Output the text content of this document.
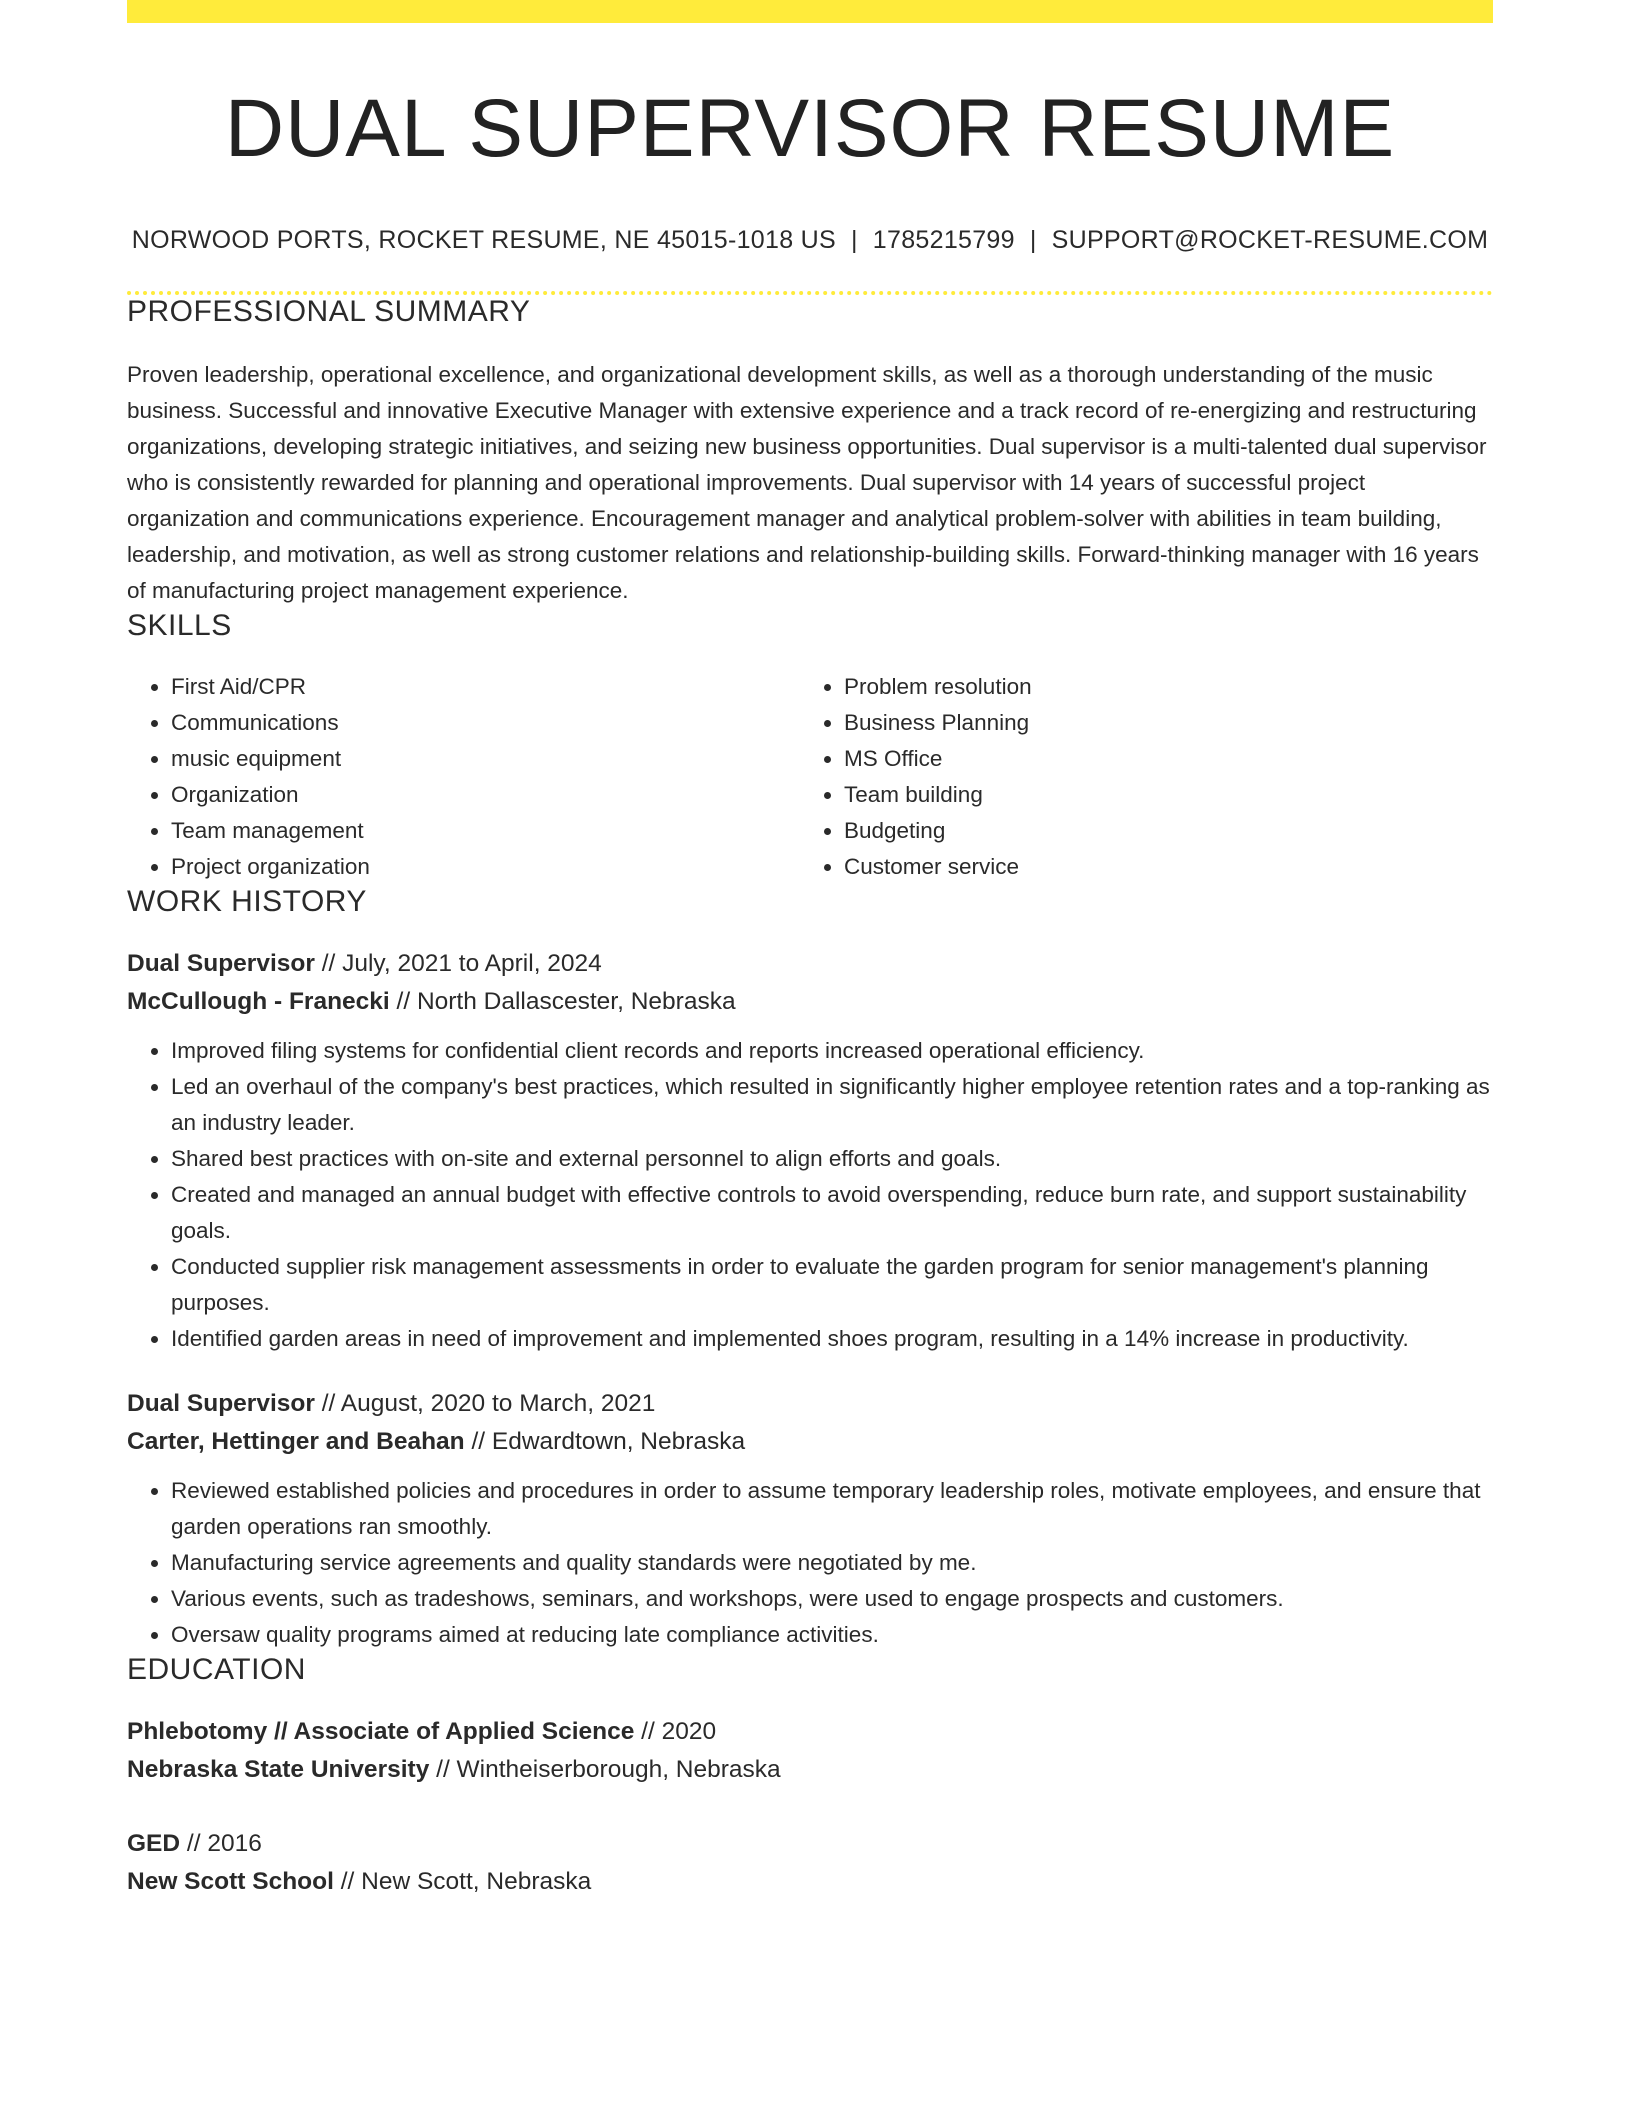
DUAL SUPERVISOR RESUME
NORWOOD PORTS, ROCKET RESUME, NE 45015-1018 US | 1785215799 | SUPPORT@ROCKET-RESUME.COM
PROFESSIONAL SUMMARY

Proven leadership, operational excellence, and organizational development skills, as well as a thorough understanding of the music business. Successful and innovative Executive Manager with extensive experience and a track record of re-energizing and restructuring organizations, developing strategic initiatives, and seizing new business opportunities. Dual supervisor is a multi-talented dual supervisor who is consistently rewarded for planning and operational improvements. Dual supervisor with 14 years of successful project organization and communications experience. Encouragement manager and analytical problem-solver with abilities in team building, leadership, and motivation, as well as strong customer relations and relationship-building skills. Forward-thinking manager with 16 years of manufacturing project management experience.

SKILLS
• First Aid/CPR
• Communications
• music equipment
• Organization
• Team management
• Project organization
• Problem resolution
• Business Planning
• MS Office
• Team building
• Budgeting
• Customer service
WORK HISTORY
Dual Supervisor // July, 2021 to April, 2024
McCullough - Franecki // North Dallascester, Nebraska
• Improved filing systems for confidential client records and reports increased operational efficiency.
• Led an overhaul of the company's best practices, which resulted in significantly higher employee retention rates and a top-ranking as an industry leader.
• Shared best practices with on-site and external personnel to align efforts and goals.
• Created and managed an annual budget with effective controls to avoid overspending, reduce burn rate, and support sustainability goals.
• Conducted supplier risk management assessments in order to evaluate the garden program for senior management's planning purposes.
• Identified garden areas in need of improvement and implemented shoes program, resulting in a 14% increase in productivity.
Dual Supervisor // August, 2020 to March, 2021
Carter, Hettinger and Beahan // Edwardtown, Nebraska
• Reviewed established policies and procedures in order to assume temporary leadership roles, motivate employees, and ensure that garden operations ran smoothly.
• Manufacturing service agreements and quality standards were negotiated by me.
• Various events, such as tradeshows, seminars, and workshops, were used to engage prospects and customers.
• Oversaw quality programs aimed at reducing late compliance activities.
EDUCATION
Phlebotomy // Associate of Applied Science // 2020
Nebraska State University // Wintheiserborough, Nebraska
GED // 2016
New Scott School // New Scott, Nebraska
